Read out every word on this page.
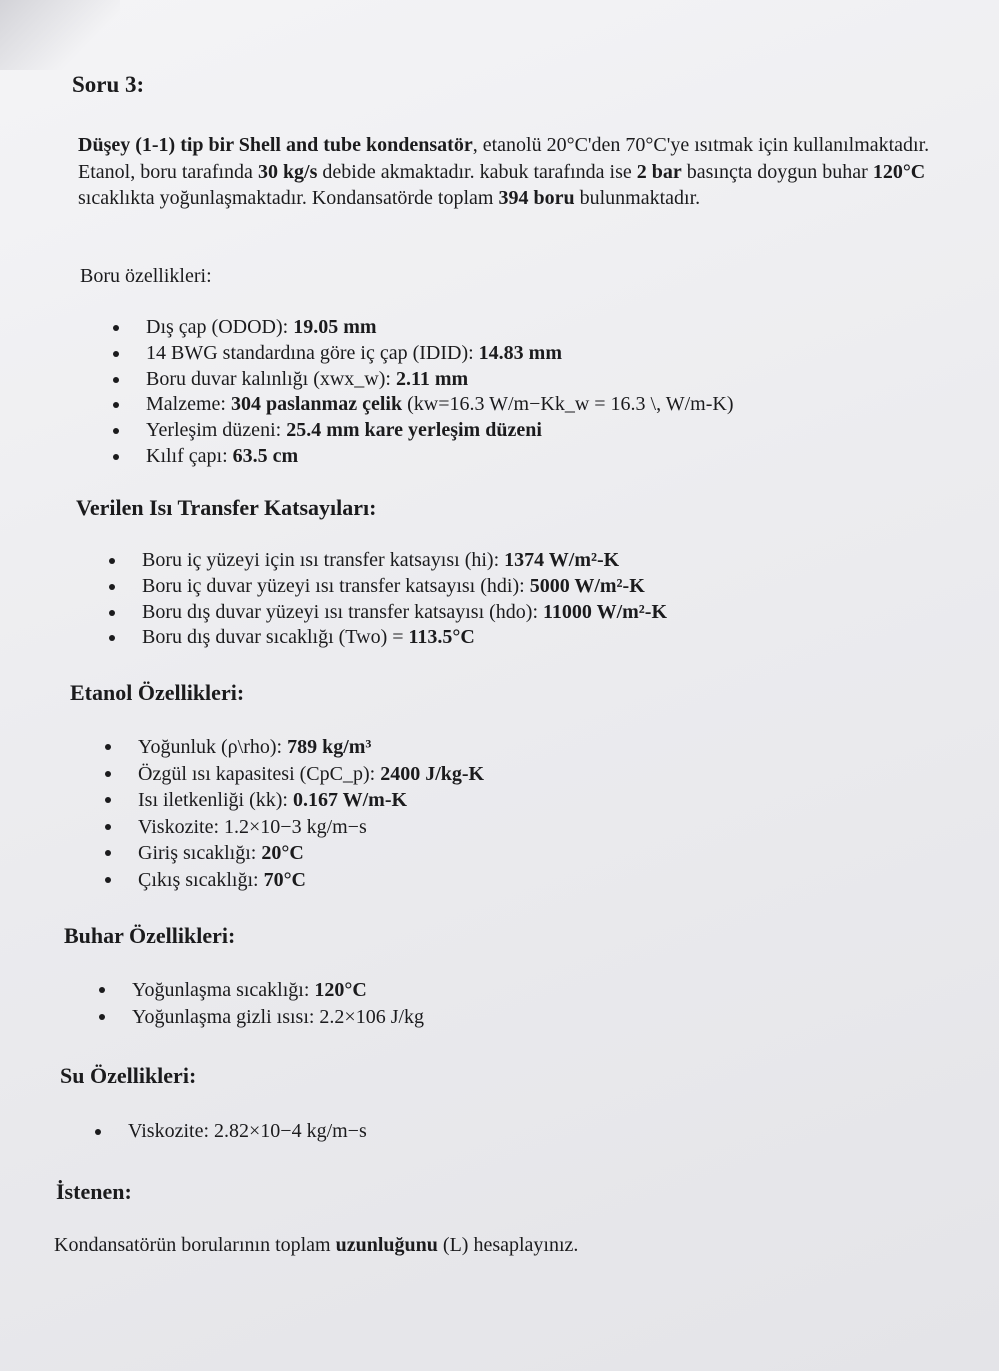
Soru 3:
Düşey (1-1) tip bir Shell and tube kondensatör, etanolü 20°C'den 70°C'ye ısıtmak için kullanılmaktadır. Etanol, boru tarafında 30 kg/s debide akmaktadır. kabuk tarafında ise 2 bar basınçta doygun buhar 120°C sıcaklıkta yoğunlaşmaktadır. Kondansatörde toplam 394 boru bulunmaktadır.
Boru özellikleri:
Dış çap (ODOD): 19.05 mm
14 BWG standardına göre iç çap (IDID): 14.83 mm
Boru duvar kalınlığı (xwx_w): 2.11 mm
Malzeme: 304 paslanmaz çelik (kw=16.3 W/m−Kk_w = 16.3 \, W/m-K)
Yerleşim düzeni: 25.4 mm kare yerleşim düzeni
Kılıf çapı: 63.5 cm
Verilen Isı Transfer Katsayıları:
Boru iç yüzeyi için ısı transfer katsayısı (hi): 1374 W/m²-K
Boru iç duvar yüzeyi ısı transfer katsayısı (hdi): 5000 W/m²-K
Boru dış duvar yüzeyi ısı transfer katsayısı (hdo): 11000 W/m²-K
Boru dış duvar sıcaklığı (Two) = 113.5°C
Etanol Özellikleri:
Yoğunluk (ρ\rho): 789 kg/m³
Özgül ısı kapasitesi (CpC_p): 2400 J/kg-K
Isı iletkenliği (kk): 0.167 W/m-K
Viskozite: 1.2×10−3 kg/m−s
Giriş sıcaklığı: 20°C
Çıkış sıcaklığı: 70°C
Buhar Özellikleri:
Yoğunlaşma sıcaklığı: 120°C
Yoğunlaşma gizli ısısı: 2.2×106 J/kg
Su Özellikleri:
Viskozite: 2.82×10−4 kg/m−s
İstenen:
Kondansatörün borularının toplam uzunluğunu (L) hesaplayınız.
